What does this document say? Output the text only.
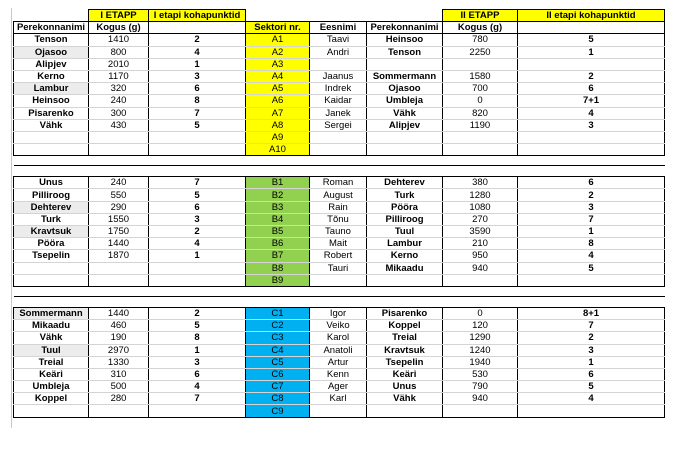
	I ETAPP	I etapi kohapunktid				II ETAPP	II etapi kohapunktid
Perekonnanimi	Kogus (g)		Sektori nr.	Eesnimi	Perekonnanimi	Kogus (g)	
Tenson	1410	2	A1	Taavi	Heinsoo	780	5
Ojasoo	800	4	A2	Andri	Tenson	2250	1
Alipjev	2010	1	A3				
Kerno	1170	3	A4	Jaanus	Sommermann	1580	2
Lambur	320	6	A5	Indrek	Ojasoo	700	6
Heinsoo	240	8	A6	Kaidar	Umbleja	0	7+1
Pisarenko	300	7	A7	Janek	Vähk	820	4
Vähk	430	5	A8	Sergei	Alipjev	1190	3
			A9				
			A10				

Unus	240	7	B1	Roman	Dehterev	380	6
Pilliroog	550	5	B2	August	Turk	1280	2
Dehterev	290	6	B3	Rain	Pööra	1080	3
Turk	1550	3	B4	Tõnu	Pilliroog	270	7
Kravtsuk	1750	2	B5	Tauno	Tuul	3590	1
Pööra	1440	4	B6	Mait	Lambur	210	8
Tsepelin	1870	1	B7	Robert	Kerno	950	4
			B8	Tauri	Mikaadu	940	5
			B9				

Sommermann	1440	2	C1	Igor	Pisarenko	0	8+1
Mikaadu	460	5	C2	Veiko	Koppel	120	7
Vähk	190	8	C3	Karol	Treial	1290	2
Tuul	2970	1	C4	Anatoli	Kravtsuk	1240	3
Treial	1330	3	C5	Artur	Tsepelin	1940	1
Keäri	310	6	C6	Kenn	Keäri	530	6
Umbleja	500	4	C7	Ager	Unus	790	5
Koppel	280	7	C8	Karl	Vähk	940	4
			C9				
